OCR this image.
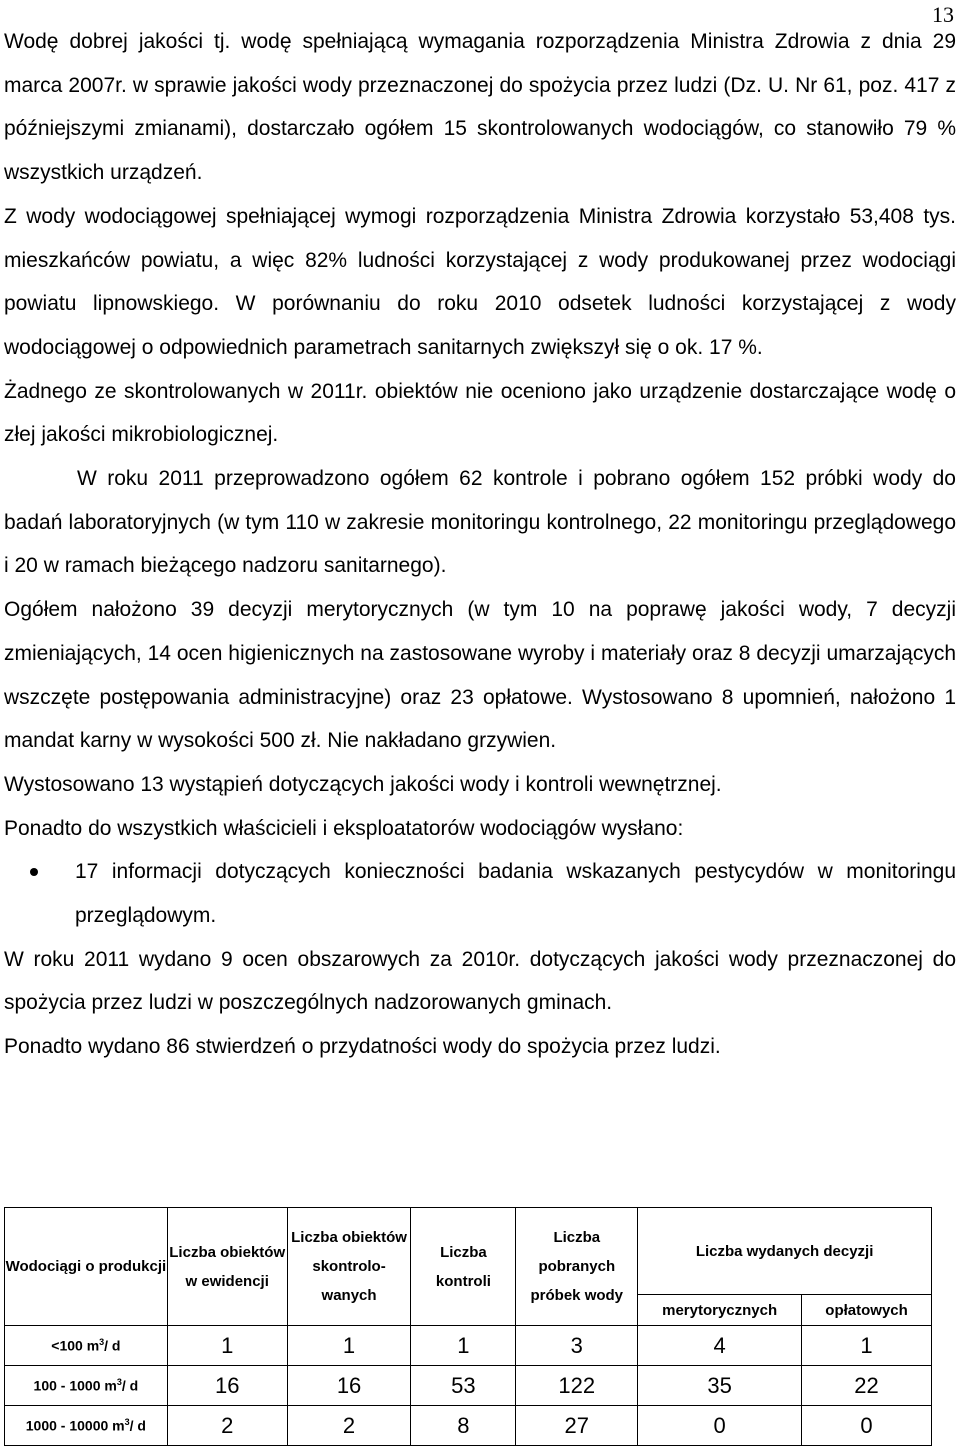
13

Wodę dobrej jakości tj. wodę spełniającą wymagania rozporządzenia Ministra Zdrowia z dnia 29 marca 2007r. w sprawie jakości wody przeznaczonej do spożycia przez ludzi (Dz. U. Nr 61, poz. 417 z późniejszymi zmianami), dostarczało ogółem 15 skontrolowanych wodociągów, co stanowiło 79 % wszystkich urządzeń.

Z wody wodociągowej spełniającej wymogi rozporządzenia Ministra Zdrowia korzystało 53,408 tys. mieszkańców powiatu, a więc 82% ludności korzystającej z wody produkowanej przez wodociągi powiatu lipnowskiego. W porównaniu do roku 2010 odsetek ludności korzystającej z wody wodociągowej o odpowiednich parametrach sanitarnych zwiększył się o ok. 17 %.

Żadnego ze skontrolowanych w 2011r. obiektów nie oceniono jako urządzenie dostarczające wodę o złej jakości mikrobiologicznej.

W roku 2011 przeprowadzono ogółem 62 kontrole i pobrano ogółem 152 próbki wody do badań laboratoryjnych (w tym 110 w zakresie monitoringu kontrolnego, 22 monitoringu przeglądowego i 20 w ramach bieżącego nadzoru sanitarnego).

Ogółem nałożono 39 decyzji merytorycznych (w tym 10 na poprawę jakości wody, 7 decyzji zmieniających, 14 ocen higienicznych na zastosowane wyroby i materiały oraz 8 decyzji umarzających wszczęte postępowania administracyjne) oraz 23 opłatowe. Wystosowano 8 upomnień, nałożono 1 mandat karny w wysokości 500 zł. Nie nakładano grzywien.

Wystosowano 13 wystąpień dotyczących jakości wody i kontroli wewnętrznej.

Ponadto do wszystkich właścicieli i eksploatatorów wodociągów wysłano:

17 informacji dotyczących konieczności badania wskazanych pestycydów w monitoringu przeglądowym.

W roku 2011 wydano 9 ocen obszarowych za 2010r. dotyczących jakości wody przeznaczonej do spożycia przez ludzi w poszczególnych nadzorowanych gminach.

Ponadto wydano 86 stwierdzeń o przydatności wody do spożycia przez ludzi.

Wodociągi o produkcji	Liczba obiektów w ewidencji	Liczba obiektów skontrolo-wanych	Liczba kontroli	Liczba pobranych próbek wody	Liczba wydanych decyzji	
					merytorycznych	opłatowych
<100 $m^3/$ d	1	1	1	3	4	1
100 - 1000 $m^3/$ d	16	16	53	122	35	22
1000 - 10000 $m^3/$ d	2	2	8	27	0	0
